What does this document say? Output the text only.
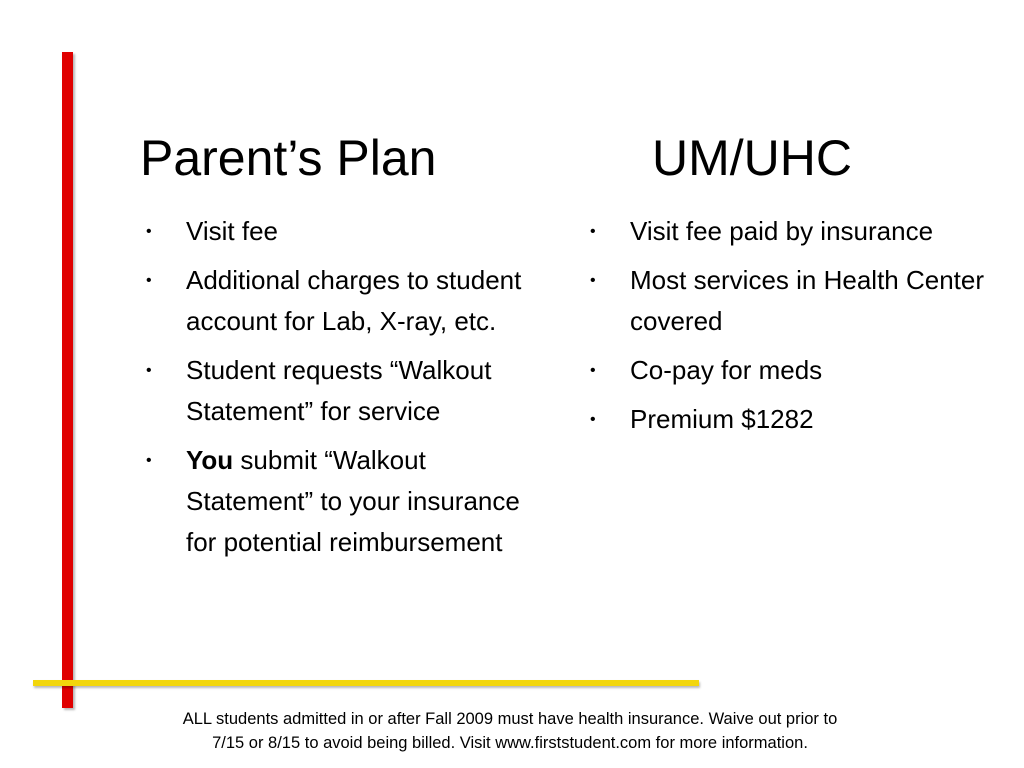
Parent’s Plan	UM/UHC
• Visit fee
• Additional charges to student account for Lab, X-ray, etc.
• Student requests “Walkout Statement” for service
• You submit “Walkout Statement” to your insurance for potential reimbursement
• Visit fee paid by insurance
• Most services in Health Center covered
• Co-pay for meds
• Premium $1282

ALL students admitted in or after Fall 2009 must have health insurance. Waive out prior to
7/15 or 8/15 to avoid being billed. Visit www.firststudent.com for more information.
